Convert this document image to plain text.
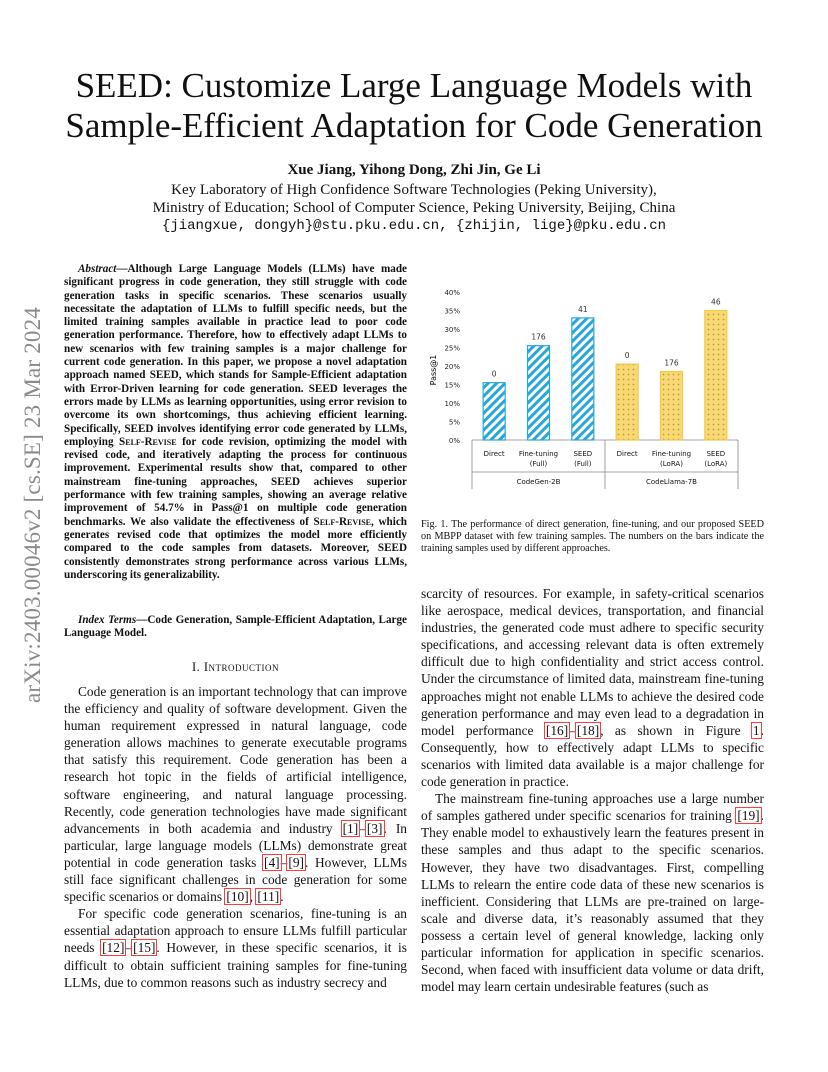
arXiv:2403.00046v2 [cs.SE] 23 Mar 2024
SEED: Customize Large Language Models with
Sample-Efficient Adaptation for Code Generation
Xue Jiang, Yihong Dong, Zhi Jin, Ge Li
Key Laboratory of High Confidence Software Technologies (Peking University),
Ministry of Education; School of Computer Science, Peking University, Beijing, China
{jiangxue, dongyh}@stu.pku.edu.cn, {zhijin, lige}@pku.edu.cn
Abstract—Although Large Language Models (LLMs) have made significant progress in code generation, they still struggle with code generation tasks in specific scenarios. These scenarios usually necessitate the adaptation of LLMs to fulfill specific needs, but the limited training samples available in practice lead to poor code generation performance. Therefore, how to effectively adapt LLMs to new scenarios with few training samples is a major challenge for current code generation. In this paper, we propose a novel adaptation approach named SEED, which stands for Sample-Efficient adaptation with Error-Driven learning for code generation. SEED leverages the errors made by LLMs as learning opportunities, using error revision to overcome its own shortcomings, thus achieving efficient learning. Specifically, SEED involves identifying error code generated by LLMs, employing Self-Revise for code revision, optimizing the model with revised code, and iteratively adapting the process for continuous improvement. Experimental results show that, compared to other mainstream fine-tuning approaches, SEED achieves superior performance with few training samples, showing an average relative improvement of 54.7% in Pass@1 on multiple code generation benchmarks. We also validate the effectiveness of Self-Revise, which generates revised code that optimizes the model more efficiently compared to the code samples from datasets. Moreover, SEED consistently demonstrates strong performance across various LLMs, underscoring its generalizability.
Index Terms—Code Generation, Sample-Efficient Adaptation, Large Language Model.
I. Introduction

Code generation is an important technology that can improve the efficiency and quality of software development. Given the human requirement expressed in natural language, code generation allows machines to generate executable programs that satisfy this requirement. Code generation has been a research hot topic in the fields of artificial intelligence, software engineering, and natural language processing. Recently, code generation technologies have made significant advancements in both academia and industry [1]–[3]. In particular, large language models (LLMs) demonstrate great potential in code generation tasks [4]–[9]. However, LLMs still face significant challenges in code generation for some specific scenarios or domains [10], [11].

For specific code generation scenarios, fine-tuning is an essential adaptation approach to ensure LLMs fulfill particular needs [12]–[15]. However, in these specific scenarios, it is difficult to obtain sufficient training samples for fine-tuning LLMs, due to common reasons such as industry secrecy and

Pass@1
0%
5%
10%
15%
20%
25%
30%
35%
40%
0
176
41
0
176
46
Direct Fine-tuning
(Full)
SEED
(Full)
CodeGen-2B
Direct Fine-tuning
(LoRA)
SEED
(LoRA)
CodeLlama-7B
Fig. 1. The performance of direct generation, fine-tuning, and our proposed SEED on MBPP dataset with few training samples. The numbers on the bars indicate the training samples used by different approaches.

scarcity of resources. For example, in safety-critical scenarios like aerospace, medical devices, transportation, and financial industries, the generated code must adhere to specific security specifications, and accessing relevant data is often extremely difficult due to high confidentiality and strict access control. Under the circumstance of limited data, mainstream fine-tuning approaches might not enable LLMs to achieve the desired code generation performance and may even lead to a degradation in model performance [16]–[18], as shown in Figure 1. Consequently, how to effectively adapt LLMs to specific scenarios with limited data available is a major challenge for code generation in practice.

The mainstream fine-tuning approaches use a large number of samples gathered under specific scenarios for training [19]. They enable model to exhaustively learn the features present in these samples and thus adapt to the specific scenarios. However, they have two disadvantages. First, compelling LLMs to relearn the entire code data of these new scenarios is inefficient. Considering that LLMs are pre-trained on large-scale and diverse data, it’s reasonably assumed that they possess a certain level of general knowledge, lacking only particular information for application in specific scenarios. Second, when faced with insufficient data volume or data drift, model may learn certain undesirable features (such as
